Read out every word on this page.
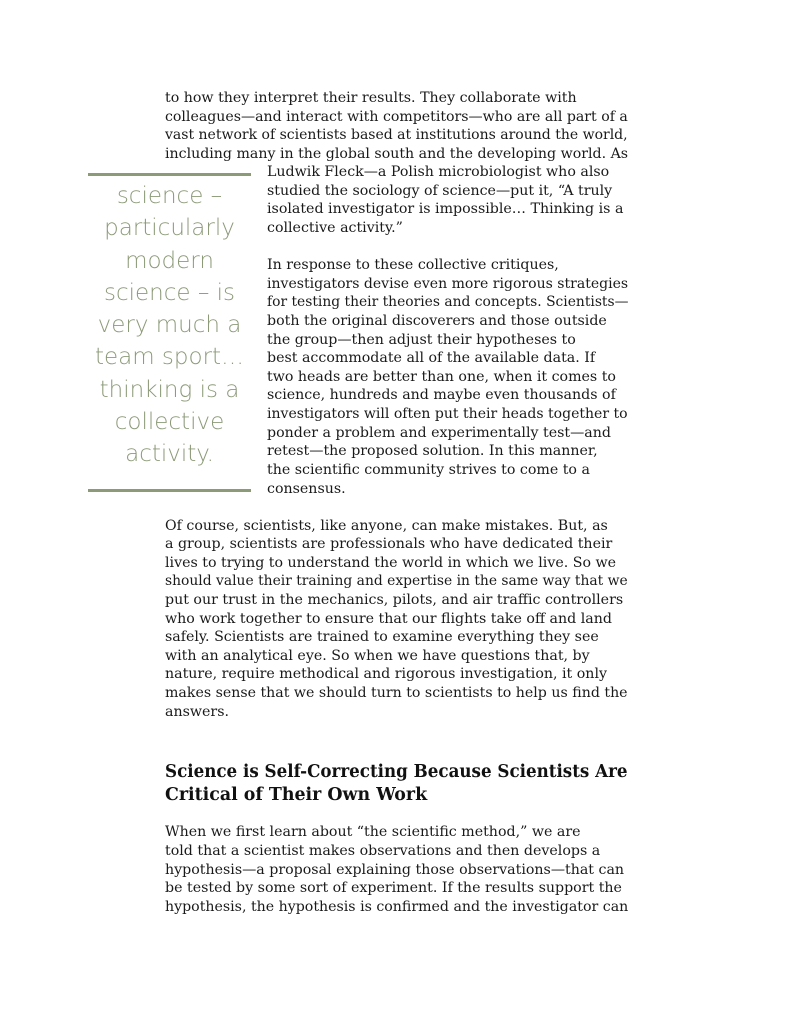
to how they interpret their results. They collaborate with
colleagues—and interact with competitors—who are all part of a
vast network of scientists based at institutions around the world,
including many in the global south and the developing world. As
Ludwik Fleck—a Polish microbiologist who also
studied the sociology of science—put it, “A truly
isolated investigator is impossible… Thinking is a
collective activity.”
In response to these collective critiques,
investigators devise even more rigorous strategies
for testing their theories and concepts. Scientists—
both the original discoverers and those outside
the group—then adjust their hypotheses to
best accommodate all of the available data. If
two heads are better than one, when it comes to
science, hundreds and maybe even thousands of
investigators will often put their heads together to
ponder a problem and experimentally test—and
retest—the proposed solution. In this manner,
the scientific community strives to come to a
consensus.
science –
particularly
modern
science – is
very much a
team sport…
thinking is a
collective
activity.
Of course, scientists, like anyone, can make mistakes. But, as
a group, scientists are professionals who have dedicated their
lives to trying to understand the world in which we live. So we
should value their training and expertise in the same way that we
put our trust in the mechanics, pilots, and air traffic controllers
who work together to ensure that our flights take off and land
safely. Scientists are trained to examine everything they see
with an analytical eye. So when we have questions that, by
nature, require methodical and rigorous investigation, it only
makes sense that we should turn to scientists to help us find the
answers.
Science is Self-Correcting Because Scientists Are
Critical of Their Own Work
When we first learn about “the scientific method,” we are
told that a scientist makes observations and then develops a
hypothesis—a proposal explaining those observations—that can
be tested by some sort of experiment. If the results support the
hypothesis, the hypothesis is confirmed and the investigator can
